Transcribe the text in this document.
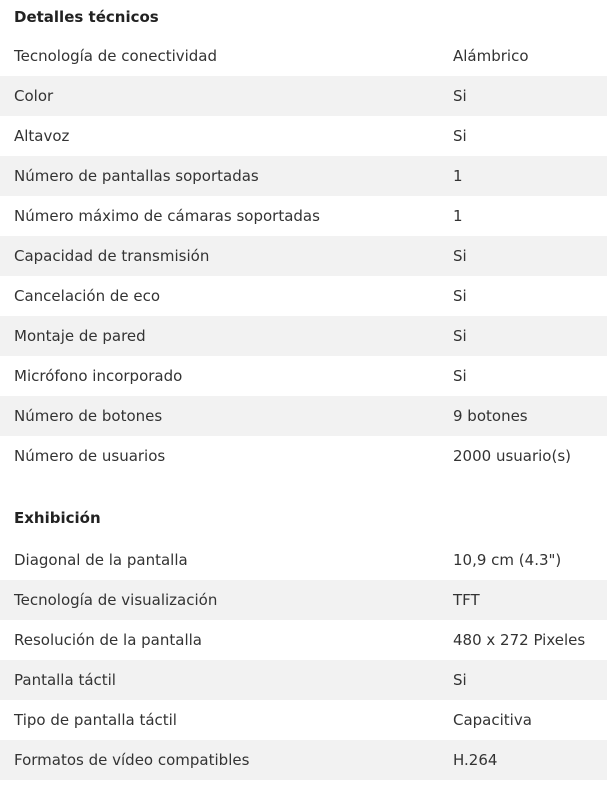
Detalles técnicos
Tecnología de conectividad	Alámbrico
Color	Si
Altavoz	Si
Número de pantallas soportadas	1
Número máximo de cámaras soportadas	1
Capacidad de transmisión	Si
Cancelación de eco	Si
Montaje de pared	Si
Micrófono incorporado	Si
Número de botones	9 botones
Número de usuarios	2000 usuario(s)
Exhibición
Diagonal de la pantalla	10,9 cm (4.3")
Tecnología de visualización	TFT
Resolución de la pantalla	480 x 272 Pixeles
Pantalla táctil	Si
Tipo de pantalla táctil	Capacitiva
Formatos de vídeo compatibles	H.264
